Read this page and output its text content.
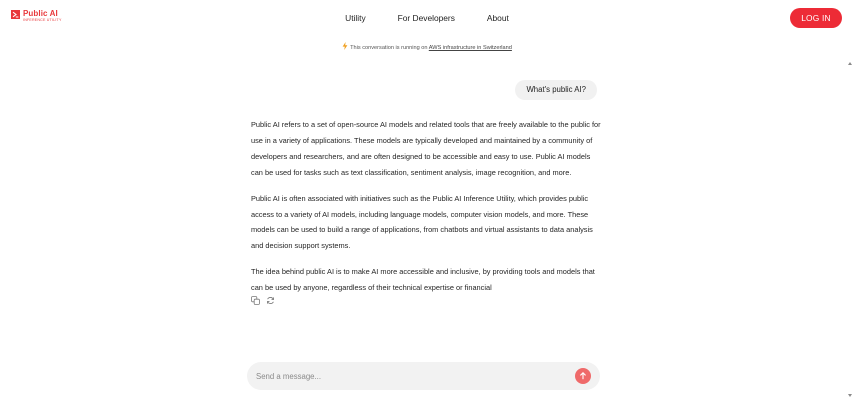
Public AI
INFERENCE UTILITY	Utility	For Developers	About	LOG IN
This conversation is running on AWS infrastructure in Switzerland
What's public AI?

Public AI refers to a set of open-source AI models and related tools that are freely available to the public for use in a variety of applications. These models are typically developed and maintained by a community of developers and researchers, and are often designed to be accessible and easy to use. Public AI models can be used for tasks such as text classification, sentiment analysis, image recognition, and more.

Public AI is often associated with initiatives such as the Public AI Inference Utility, which provides public access to a variety of AI models, including language models, computer vision models, and more. These models can be used to build a range of applications, from chatbots and virtual assistants to data analysis and decision support systems.

The idea behind public AI is to make AI more accessible and inclusive, by providing tools and models that can be used by anyone, regardless of their technical expertise or financial

Send a message...
